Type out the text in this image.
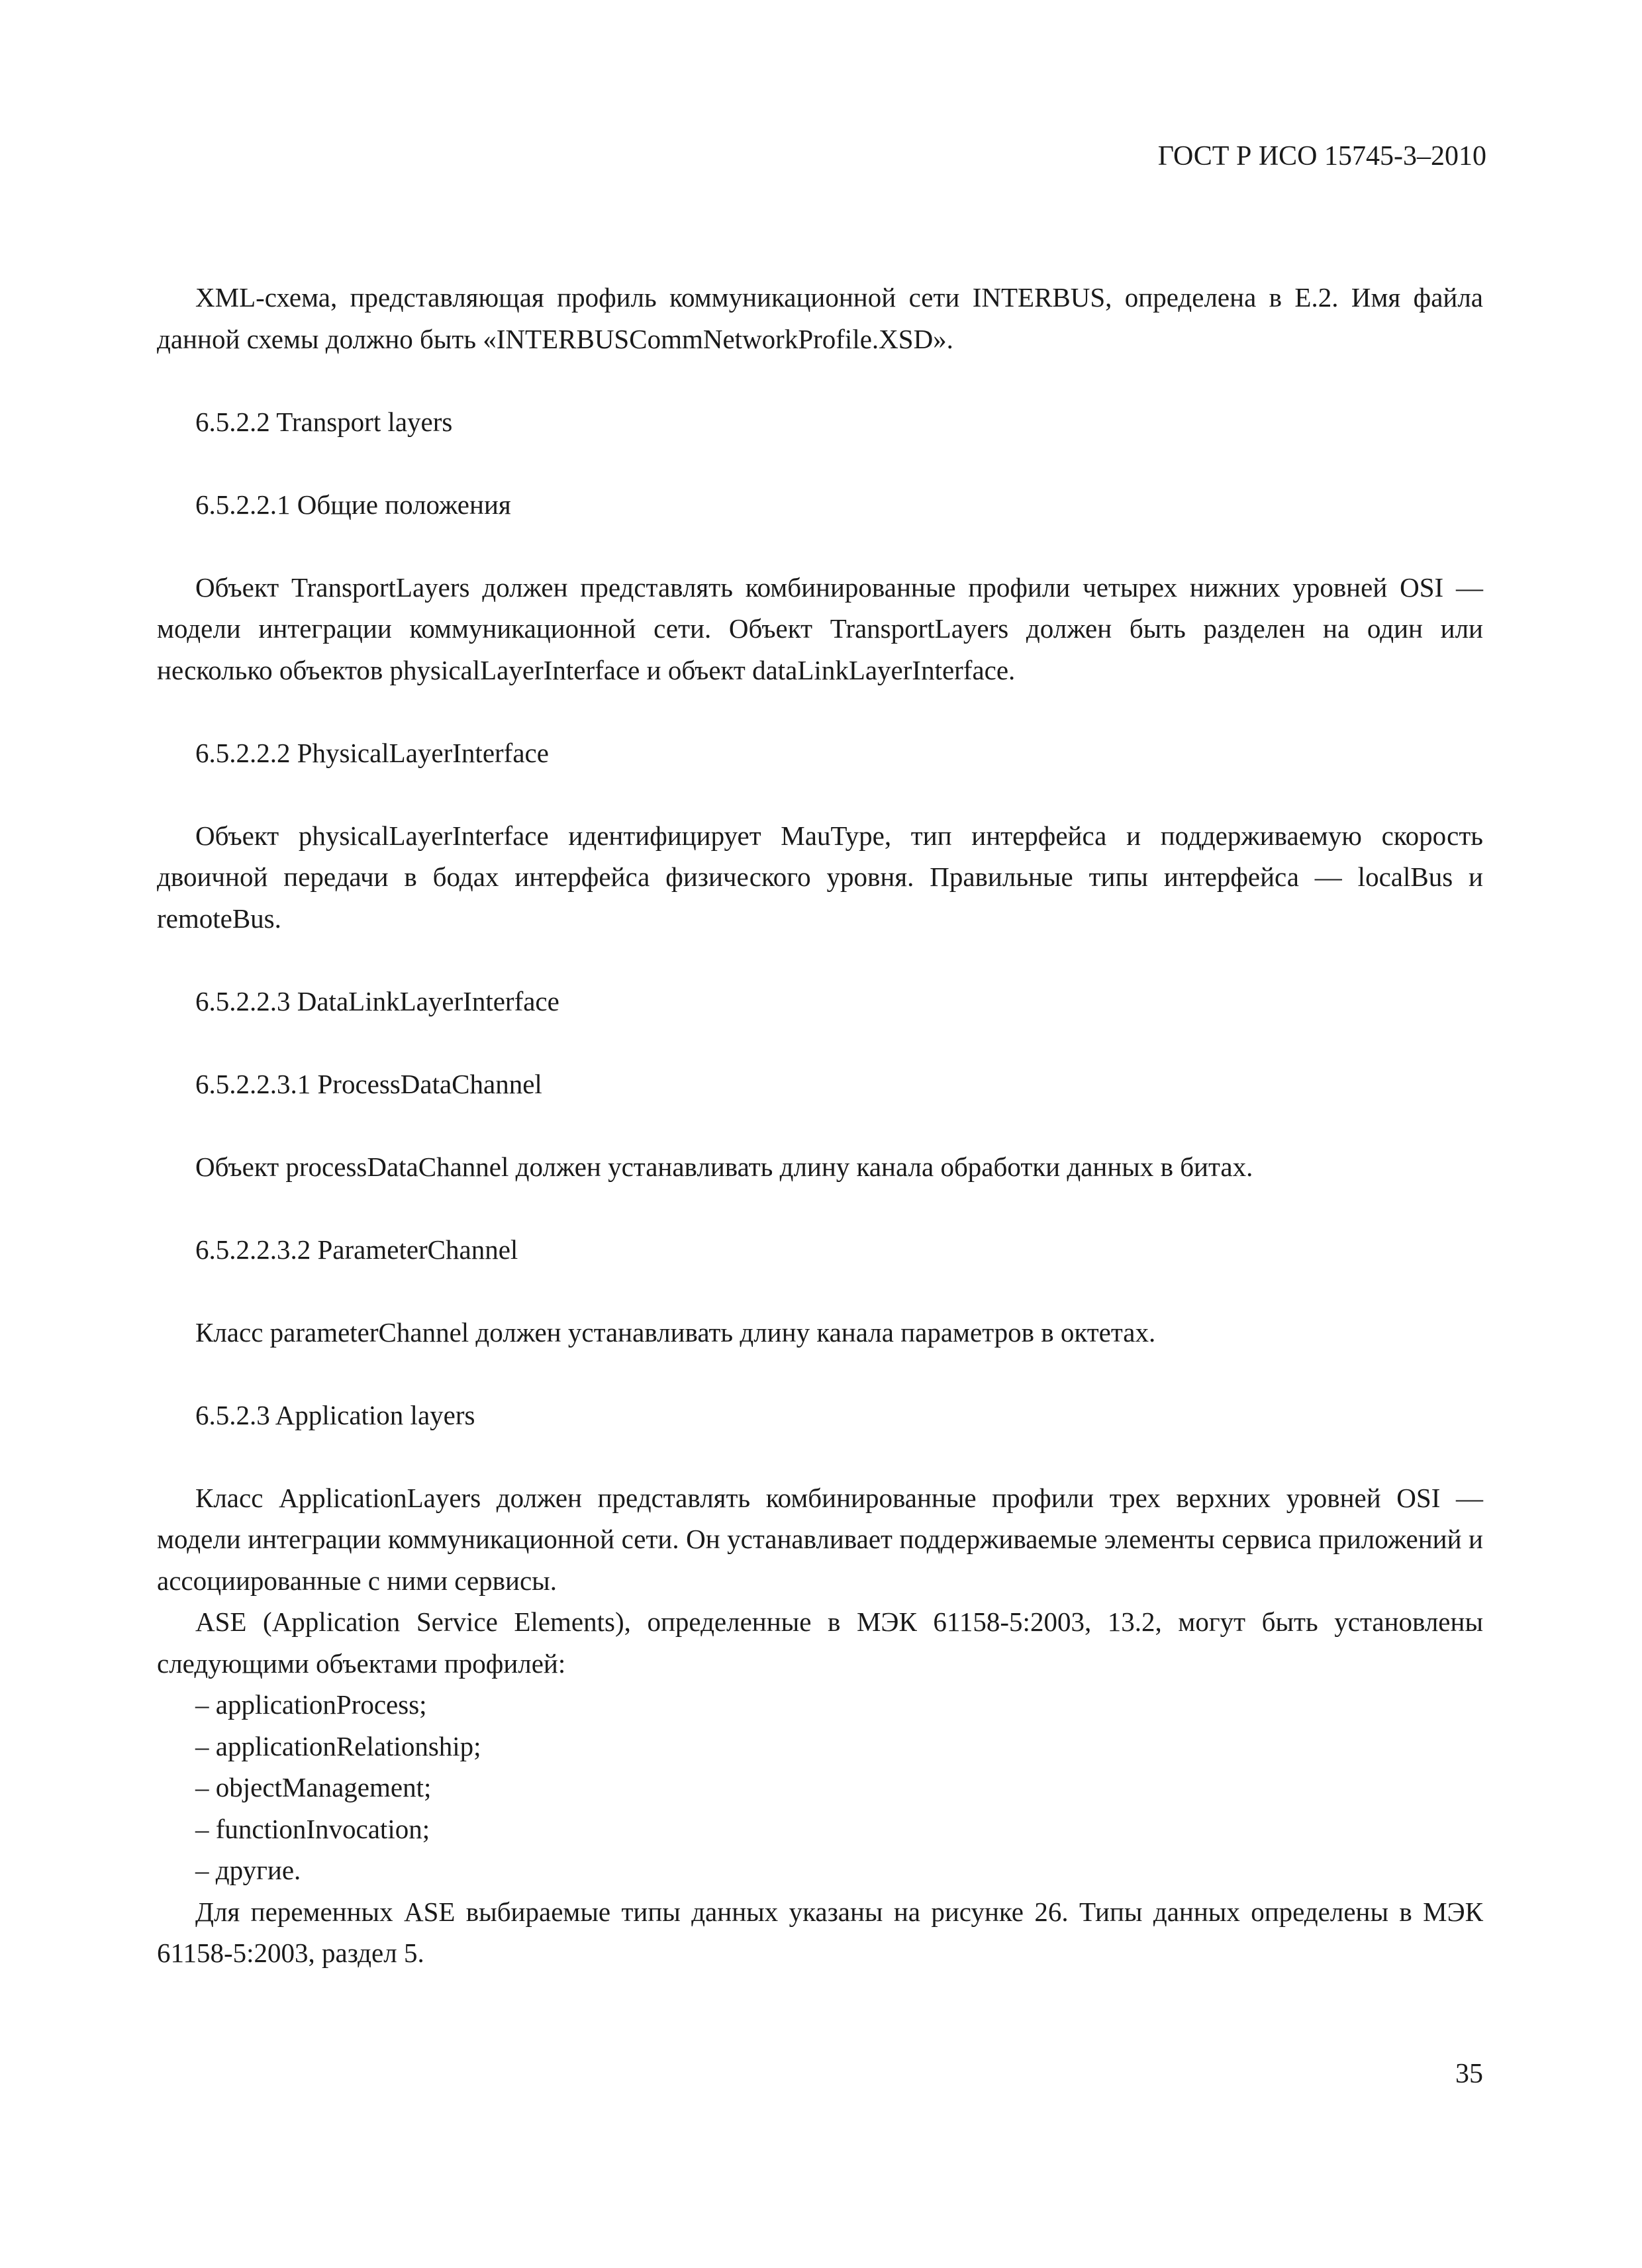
ГОСТ Р ИСО 15745-3–2010

XML-схема, представляющая профиль коммуникационной сети INTERBUS, определена в E.2. Имя файла данной схемы должно быть «INTERBUSCommNetworkProfile.XSD».

6.5.2.2 Transport layers

6.5.2.2.1 Общие положения

Объект TransportLayers должен представлять комбинированные профили четырех нижних уровней OSI — модели интеграции коммуникационной сети. Объект TransportLayers должен быть разделен на один или несколько объектов physicalLayerInterface и объект dataLinkLayerInterface.

6.5.2.2.2 PhysicalLayerInterface

Объект physicalLayerInterface идентифицирует MauType, тип интерфейса и поддерживаемую скорость двоичной передачи в бодах интерфейса физического уровня. Правильные типы интерфейса — localBus и remoteBus.

6.5.2.2.3 DataLinkLayerInterface

6.5.2.2.3.1 ProcessDataChannel

Объект processDataChannel должен устанавливать длину канала обработки данных в битах.

6.5.2.2.3.2 ParameterChannel

Класс parameterChannel должен устанавливать длину канала параметров в октетах.

6.5.2.3 Application layers

Класс ApplicationLayers должен представлять комбинированные профили трех верхних уровней OSI — модели интеграции коммуникационной сети. Он устанавливает поддерживаемые элементы сервиса приложений и ассоциированные с ними сервисы.

ASE (Application Service Elements), определенные в МЭК 61158-5:2003, 13.2, могут быть установлены следующими объектами профилей:

– applicationProcess;

– applicationRelationship;

– objectManagement;

– functionInvocation;

– другие.

Для переменных ASE выбираемые типы данных указаны на рисунке 26. Типы данных определены в МЭК 61158-5:2003, раздел 5.

35
